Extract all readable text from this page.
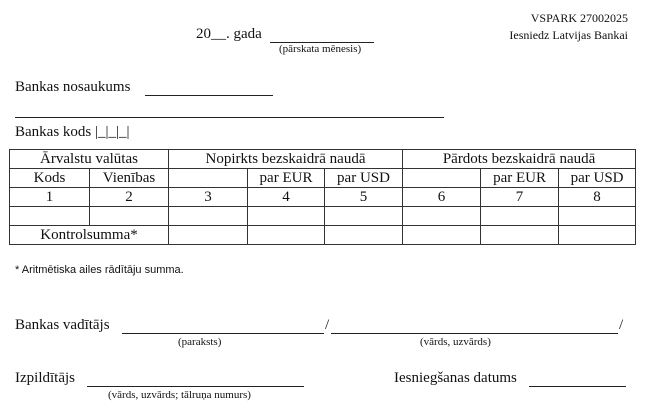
VSPARK 27002025
Iesniedz Latvijas Bankai
20__. gada
(pārskata mēnesis)
Bankas nosaukums
Bankas kods |_|_|_|
Ārvalstu valūtas		Nopirkts bezskaidrā naudā			Pārdots bezskaidrā naudā		
Kods	Vienības		par EUR	par USD		par EUR	par USD
1	2	3	4	5	6	7	8

Kontrolsumma*							
* Aritmētiska ailes rādītāju summa.
Bankas vadītājs	/	/
(paraksts)	(vārds, uzvārds)
Izpildītājs
(vārds, uzvārds; tālruņa numurs)
Iesniegšanas datums
